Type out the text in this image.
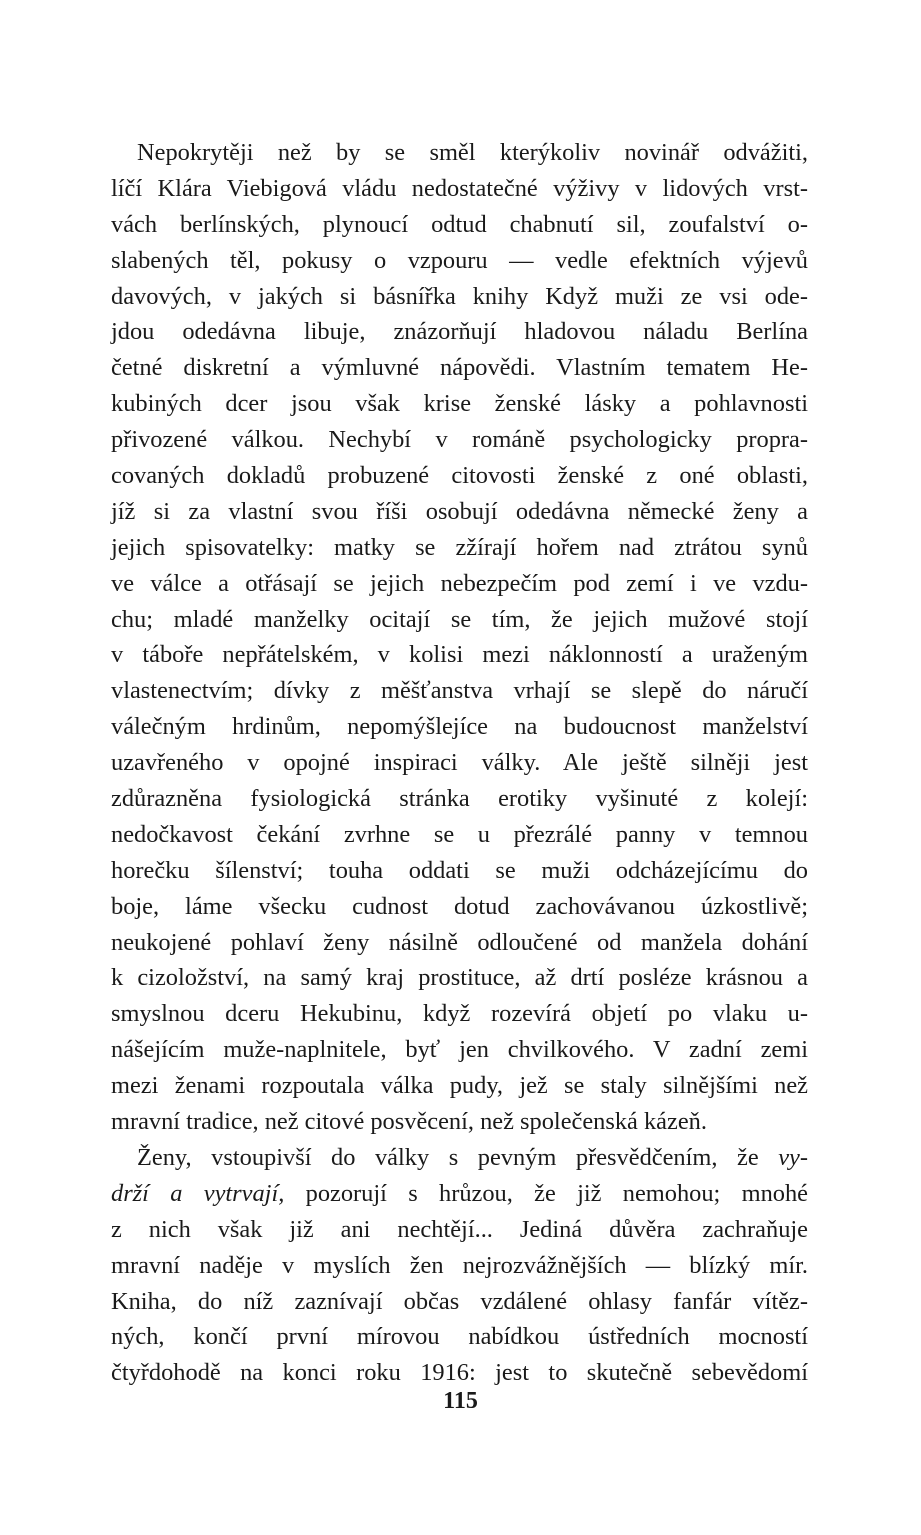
Nepokrytěji než by se směl kterýkoliv novinář odvážiti,
líčí Klára Viebigová vládu nedostatečné výživy v lidových vrst-
vách berlínských, plynoucí odtud chabnutí sil, zoufalství o-
slabených těl, pokusy o vzpouru — vedle efektních výjevů
davových, v jakých si básnířka knihy Když muži ze vsi ode-
jdou odedávna libuje, znázorňují hladovou náladu Berlína
četné diskretní a výmluvné nápovědi. Vlastním tematem He-
kubiných dcer jsou však krise ženské lásky a pohlavnosti
přivozené válkou. Nechybí v románě psychologicky propra-
covaných dokladů probuzené citovosti ženské z oné oblasti,
jíž si za vlastní svou říši osobují odedávna německé ženy a
jejich spisovatelky: matky se zžírají hořem nad ztrátou synů
ve válce a otřásají se jejich nebezpečím pod zemí i ve vzdu-
chu; mladé manželky ocitají se tím, že jejich mužové stojí
v táboře nepřátelském, v kolisi mezi náklonností a uraženým
vlastenectvím; dívky z měšťanstva vrhají se slepě do náručí
válečným hrdinům, nepomýšlejíce na budoucnost manželství
uzavřeného v opojné inspiraci války. Ale ještě silněji jest
zdůrazněna fysiologická stránka erotiky vyšinuté z kolejí:
nedočkavost čekání zvrhne se u přezrálé panny v temnou
horečku šílenství; touha oddati se muži odcházejícímu do
boje, láme všecku cudnost dotud zachovávanou úzkostlivě;
neukojené pohlaví ženy násilně odloučené od manžela dohání
k cizoložství, na samý kraj prostituce, až drtí posléze krásnou a
smyslnou dceru Hekubinu, když rozevírá objetí po vlaku u-
nášejícím muže-naplnitele, byť jen chvilkového. V zadní zemi
mezi ženami rozpoutala válka pudy, jež se staly silnějšími než
mravní tradice, než citové posvěcení, než společenská kázeň.
Ženy, vstoupivší do války s pevným přesvědčením, že vy-
drží a vytrvají, pozorují s hrůzou, že již nemohou; mnohé
z nich však již ani nechtějí... Jediná důvěra zachraňuje
mravní naděje v myslích žen nejrozvážnějších — blízký mír.
Kniha, do níž zaznívají občas vzdálené ohlasy fanfár vítěz-
ných, končí první mírovou nabídkou ústředních mocností
čtyřdohodě na konci roku 1916: jest to skutečně sebevědomí
115
